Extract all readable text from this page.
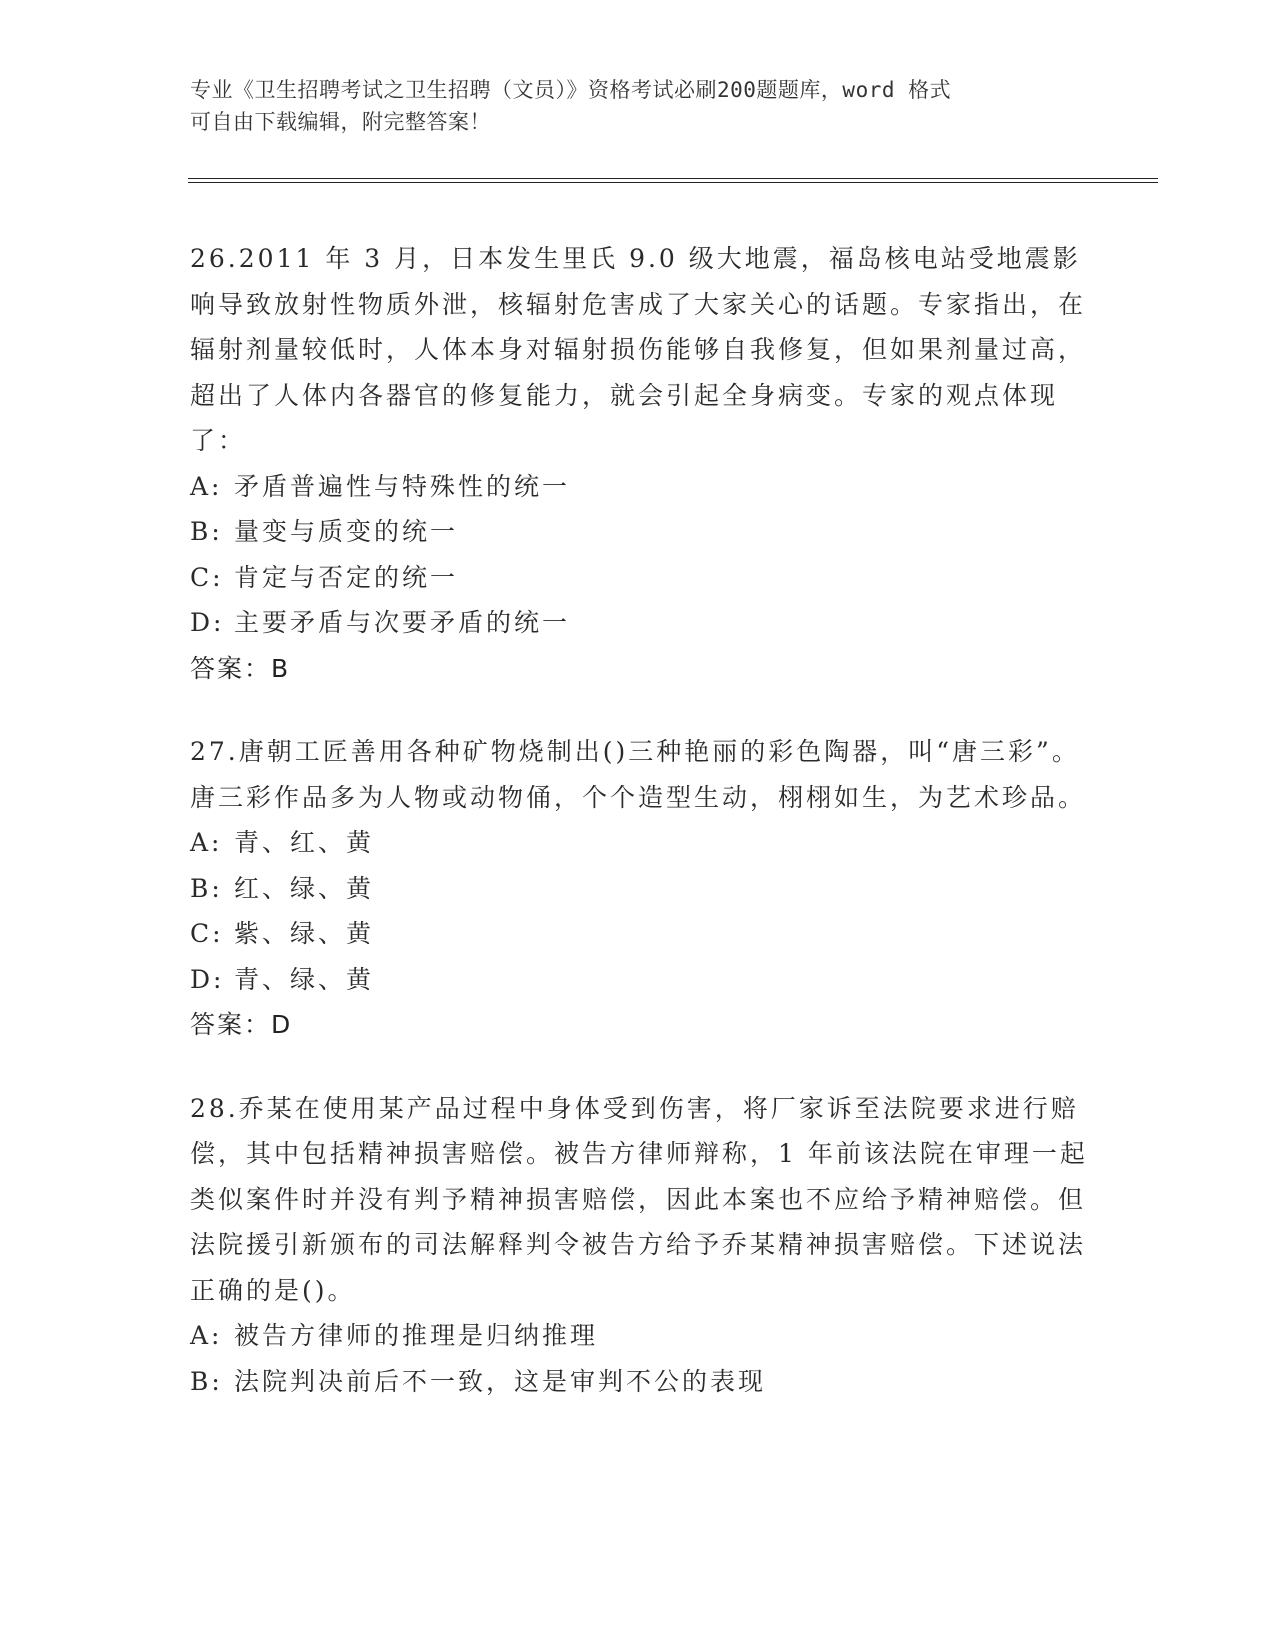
专业《卫生招聘考试之卫生招聘（文员）》资格考试必刷200题题库，word 格式
可自由下载编辑，附完整答案！

26.2011 年 3 月，日本发生里氏 9.0 级大地震，福岛核电站受地震影响导致放射性物质外泄，核辐射危害成了大家关心的话题。专家指出，在辐射剂量较低时，人体本身对辐射损伤能够自我修复，但如果剂量过高，超出了人体内各器官的修复能力，就会引起全身病变。专家的观点体现了：

A: 矛盾普遍性与特殊性的统一

B: 量变与质变的统一

C: 肯定与否定的统一

D: 主要矛盾与次要矛盾的统一

答案：B

27.唐朝工匠善用各种矿物烧制出()三种艳丽的彩色陶器，叫“唐三彩”。唐三彩作品多为人物或动物俑，个个造型生动，栩栩如生，为艺术珍品。

A: 青、红、黄

B: 红、绿、黄

C: 紫、绿、黄

D: 青、绿、黄

答案：D

28.乔某在使用某产品过程中身体受到伤害，将厂家诉至法院要求进行赔偿，其中包括精神损害赔偿。被告方律师辩称，1 年前该法院在审理一起类似案件时并没有判予精神损害赔偿，因此本案也不应给予精神赔偿。但法院援引新颁布的司法解释判令被告方给予乔某精神损害赔偿。下述说法正确的是()。

A: 被告方律师的推理是归纳推理

B: 法院判决前后不一致，这是审判不公的表现
